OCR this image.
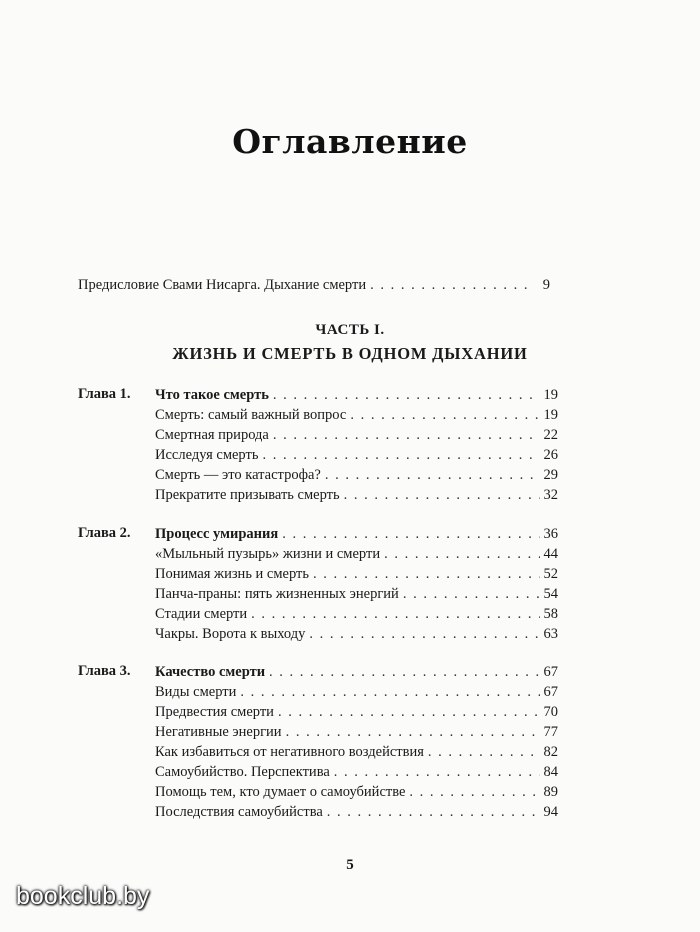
Оглавление
Предисловие Свами Нисарга. Дыхание смерти . . .	9
ЧАСТЬ I.
ЖИЗНЬ И СМЕРТЬ В ОДНОМ ДЫХАНИИ
Глава 1. Что такое смерть . . .	19
Смерть: самый важный вопрос . . .	19
Смертная природа . . .	22
Исследуя смерть . . .	26
Смерть — это катастрофа? . . .	29
Прекратите призывать смерть . . .	32
Глава 2. Процесс умирания . . .	36
«Мыльный пузырь» жизни и смерти . . .	44
Понимая жизнь и смерть . . .	52
Панча-праны: пять жизненных энергий . . .	54
Стадии смерти . . .	58
Чакры. Ворота к выходу . . .	63
Глава 3. Качество смерти . . .	67
Виды смерти . . .	67
Предвестия смерти . . .	70
Негативные энергии . . .	77
Как избавиться от негативного воздействия . . .	82
Самоубийство. Перспектива . . .	84
Помощь тем, кто думает о самоубийстве . . .	89
Последствия самоубийства . . .	94
5
bookclub.by
